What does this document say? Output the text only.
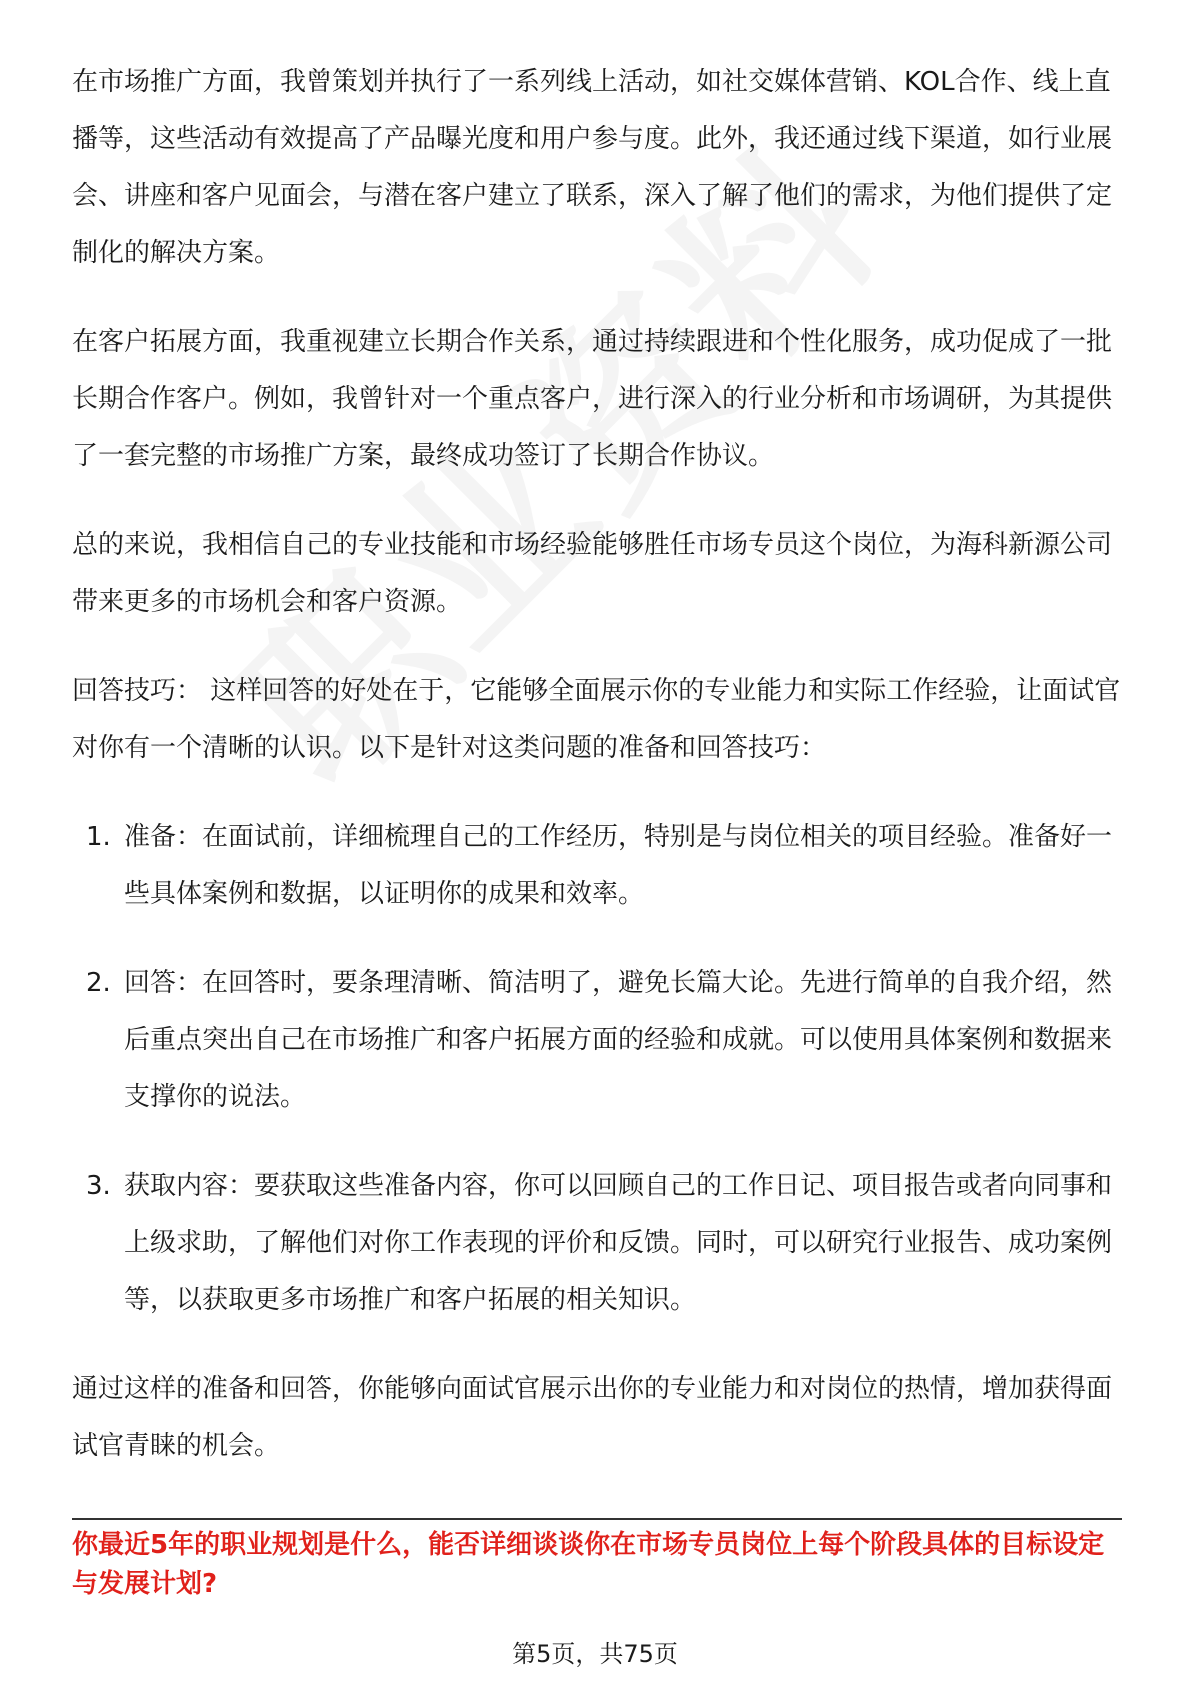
在市场推广方面，我曾策划并执行了一系列线上活动，如社交媒体营销、KOL合作、线上直播等，这些活动有效提高了产品曝光度和用户参与度。此外，我还通过线下渠道，如行业展会、讲座和客户见面会，与潜在客户建立了联系，深入了解了他们的需求，为他们提供了定制化的解决方案。

在客户拓展方面，我重视建立长期合作关系，通过持续跟进和个性化服务，成功促成了一批长期合作客户。例如，我曾针对一个重点客户，进行深入的行业分析和市场调研，为其提供了一套完整的市场推广方案，最终成功签订了长期合作协议。

总的来说，我相信自己的专业技能和市场经验能够胜任市场专员这个岗位，为海科新源公司带来更多的市场机会和客户资源。

回答技巧： 这样回答的好处在于，它能够全面展示你的专业能力和实际工作经验，让面试官对你有一个清晰的认识。以下是针对这类问题的准备和回答技巧：

1. 准备：在面试前，详细梳理自己的工作经历，特别是与岗位相关的项目经验。准备好一些具体案例和数据，以证明你的成果和效率。
2. 回答：在回答时，要条理清晰、简洁明了，避免长篇大论。先进行简单的自我介绍，然后重点突出自己在市场推广和客户拓展方面的经验和成就。可以使用具体案例和数据来支撑你的说法。
3. 获取内容：要获取这些准备内容，你可以回顾自己的工作日记、项目报告或者向同事和上级求助，了解他们对你工作表现的评价和反馈。同时，可以研究行业报告、成功案例等，以获取更多市场推广和客户拓展的相关知识。

通过这样的准备和回答，你能够向面试官展示出你的专业能力和对岗位的热情，增加获得面试官青睐的机会。

你最近5年的职业规划是什么，能否详细谈谈你在市场专员岗位上每个阶段具体的目标设定与发展计划?
第5页，共75页
